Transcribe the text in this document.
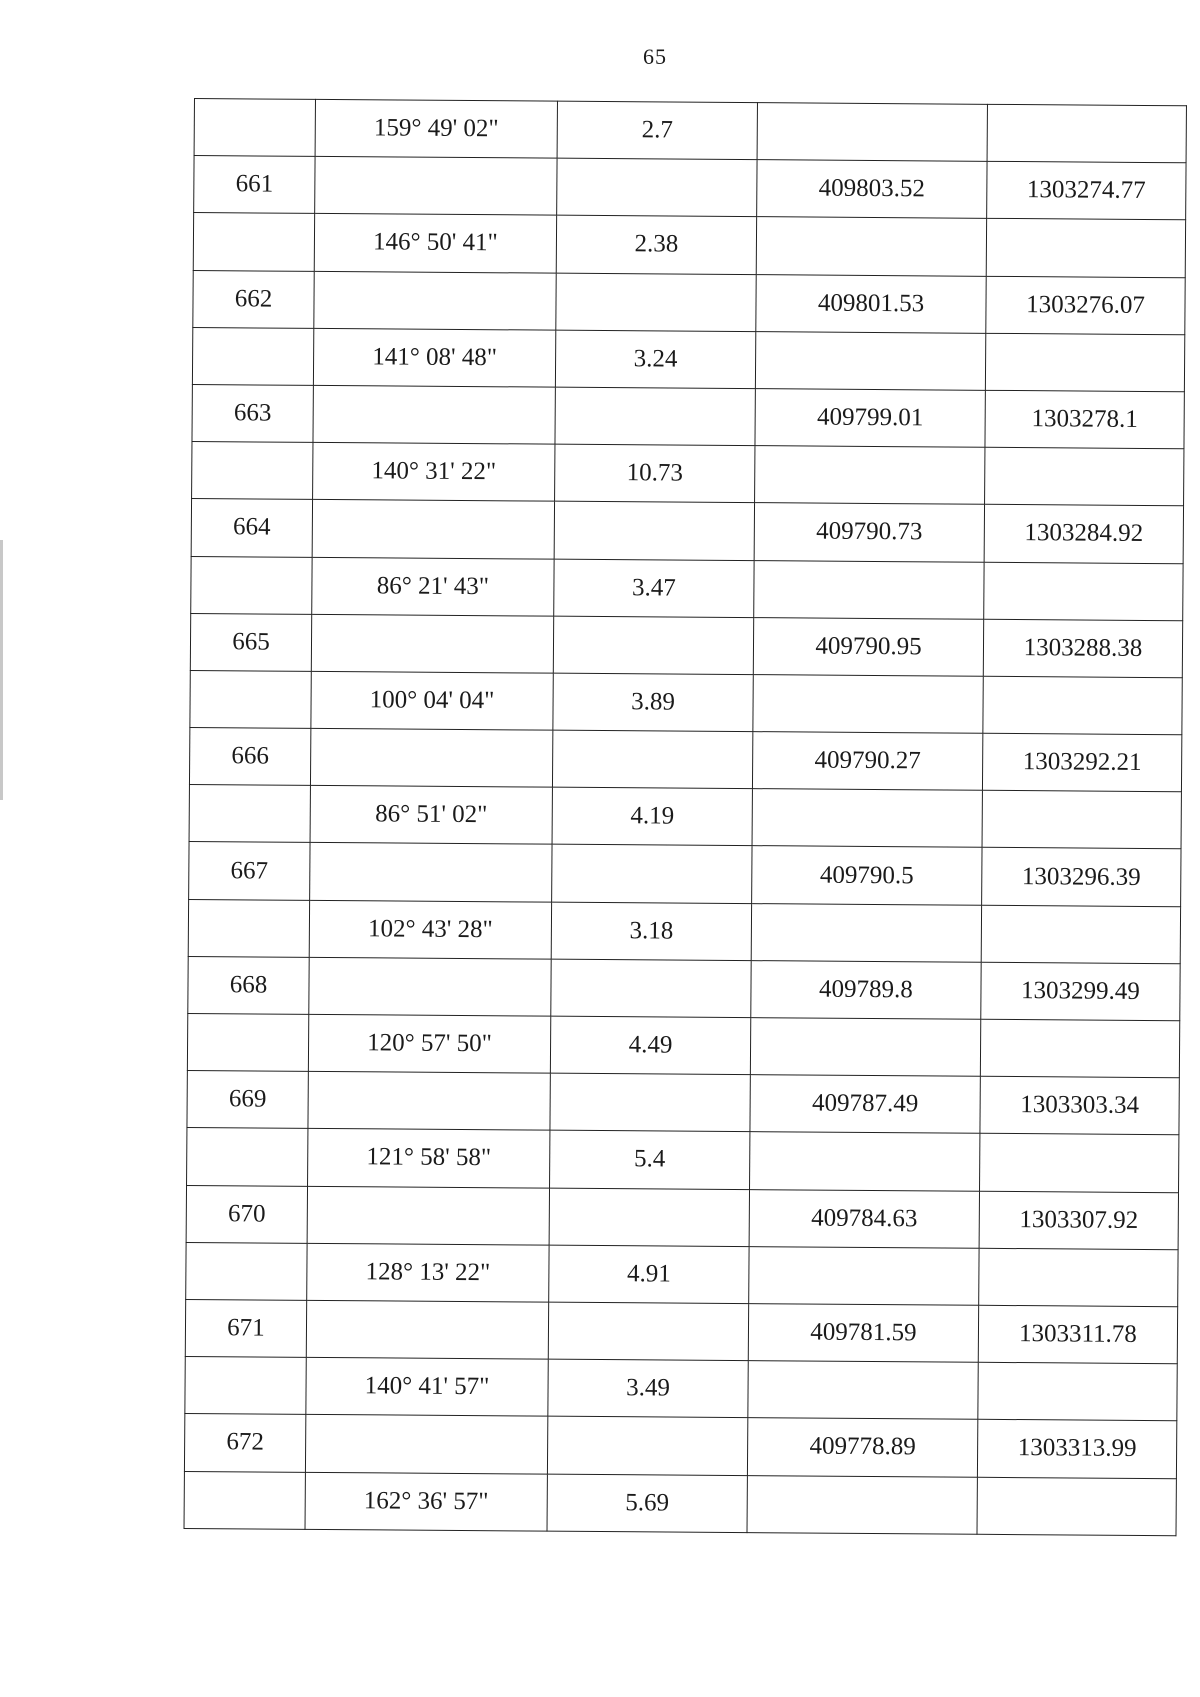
65
	159° 49' 02"	2.7		
661			409803.52	1303274.77
	146° 50' 41"	2.38		
662			409801.53	1303276.07
	141° 08' 48"	3.24		
663			409799.01	1303278.1
	140° 31' 22"	10.73		
664			409790.73	1303284.92
	86° 21' 43"	3.47		
665			409790.95	1303288.38
	100° 04' 04"	3.89		
666			409790.27	1303292.21
	86° 51' 02"	4.19		
667			409790.5	1303296.39
	102° 43' 28"	3.18		
668			409789.8	1303299.49
	120° 57' 50"	4.49		
669			409787.49	1303303.34
	121° 58' 58"	5.4		
670			409784.63	1303307.92
	128° 13' 22"	4.91		
671			409781.59	1303311.78
	140° 41' 57"	3.49		
672			409778.89	1303313.99
	162° 36' 57"	5.69		
